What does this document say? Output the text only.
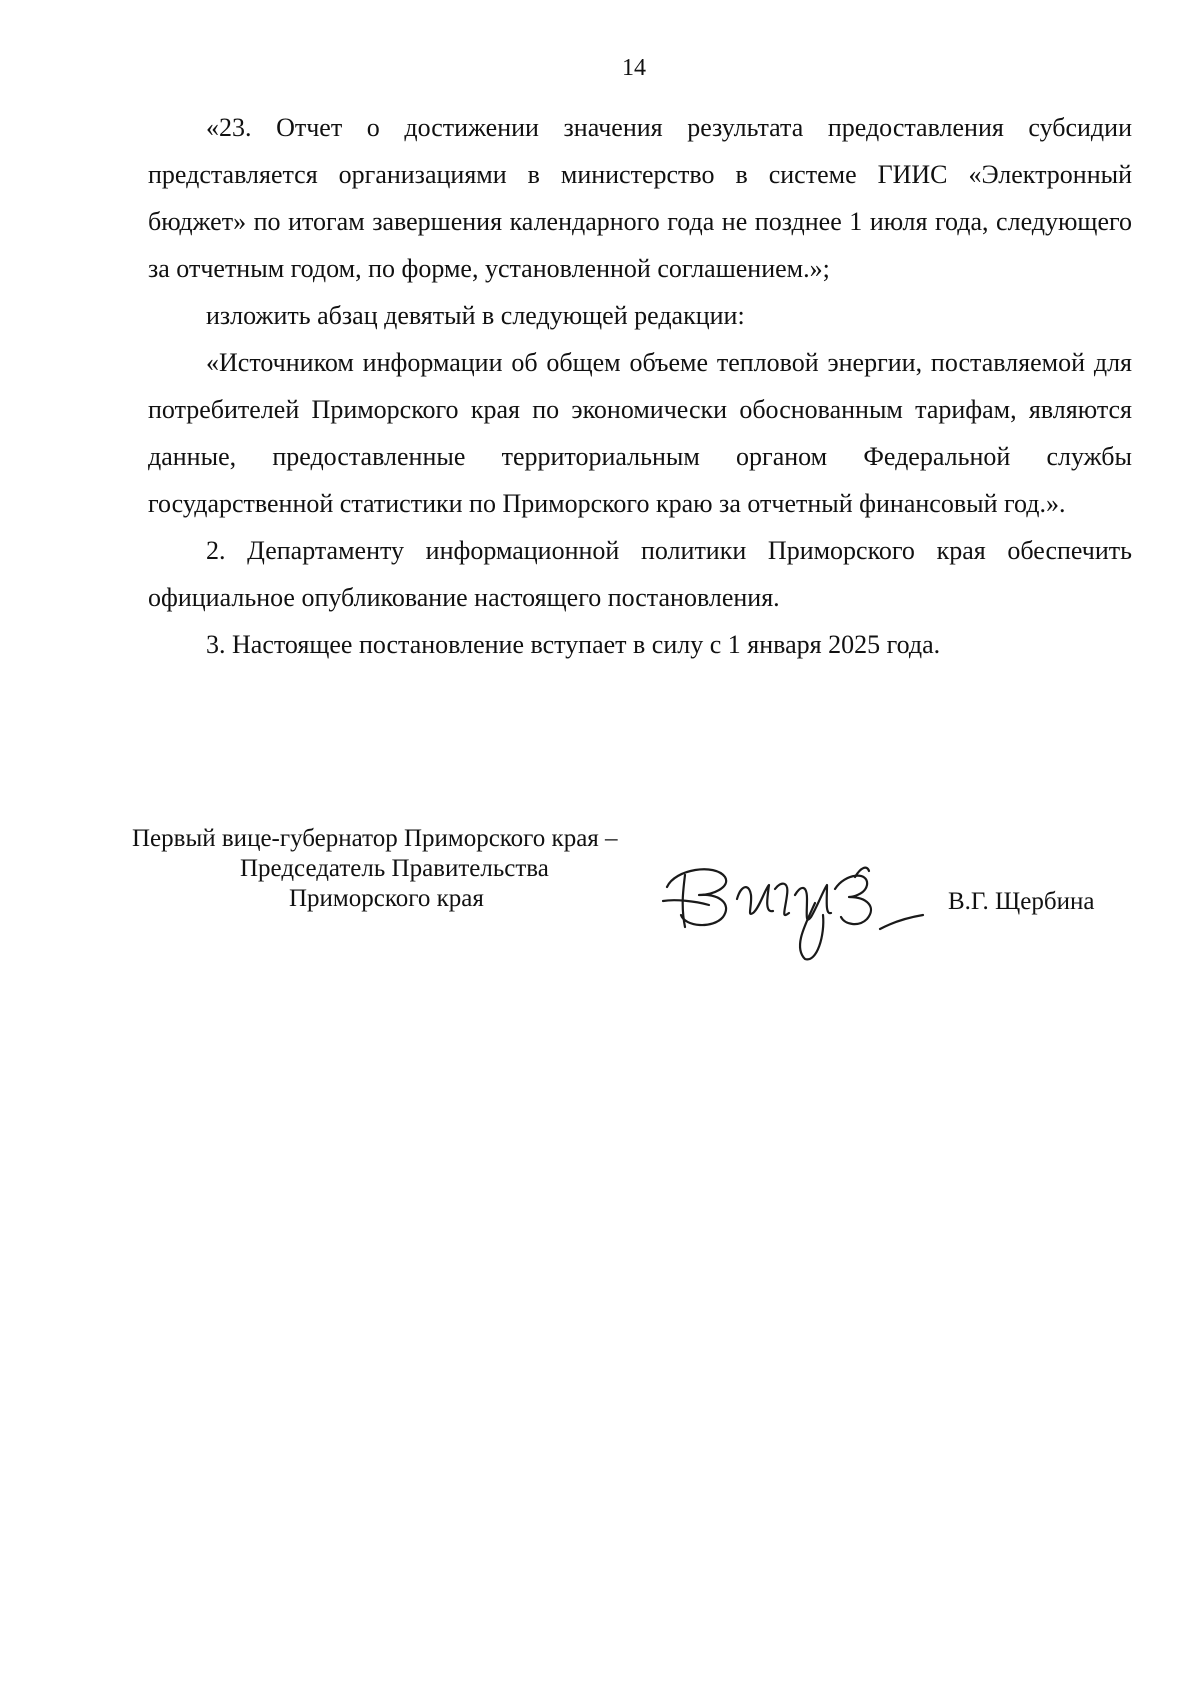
14

«23. Отчет о достижении значения результата предоставления субсидии представляется организациями в министерство в системе ГИИС «Электронный бюджет» по итогам завершения календарного года не позднее 1 июля года, следующего за отчетным годом, по форме, установленной соглашением.»;

изложить абзац девятый в следующей редакции:

«Источником информации об общем объеме тепловой энергии, поставляемой для потребителей Приморского края по экономически обоснованным тарифам, являются данные, предоставленные территориальным органом Федеральной службы государственной статистики по Приморского краю за отчетный финансовый год.».

2. Департаменту информационной политики Приморского края обеспечить официальное опубликование настоящего постановления.

3. Настоящее постановление вступает в силу с 1 января 2025 года.

Первый вице-губернатор Приморского края –
Председатель Правительства
Приморского края	В.Г. Щербина
